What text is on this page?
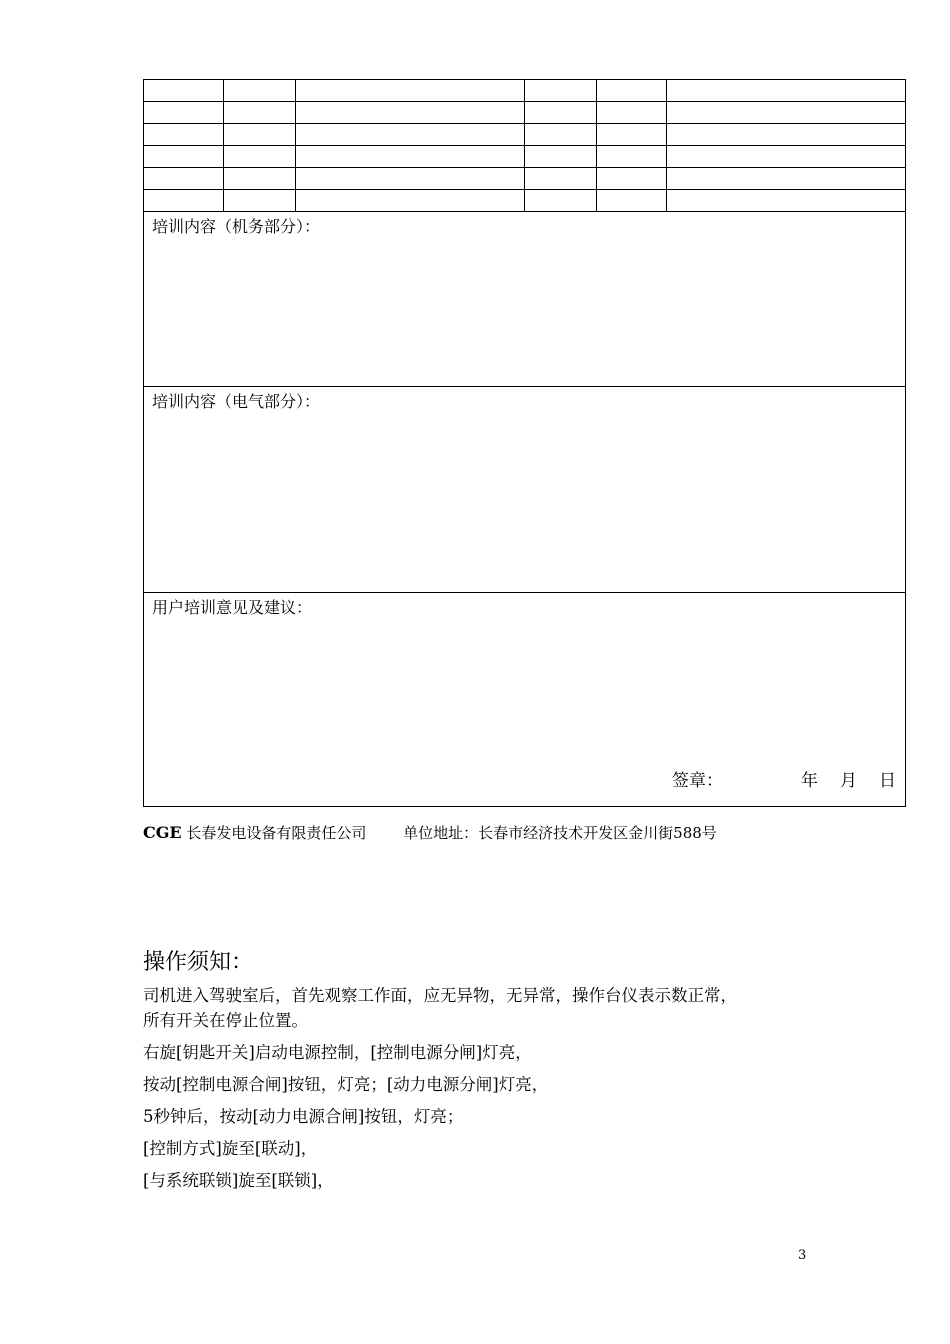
培训内容（机务部分）：					

培训内容（电气部分）：					

用户培训意见及建议：
签章： 年 月 日					
CGE 长春发电设备有限责任公司 单位地址：长春市经济技术开发区金川街588号
操作须知：
司机进入驾驶室后，首先观察工作面，应无异物，无异常，操作台仪表示数正常，
所有开关在停止位置。
右旋[钥匙开关]启动电源控制，[控制电源分闸]灯亮，
按动[控制电源合闸]按钮，灯亮；[动力电源分闸]灯亮，
5秒钟后，按动[动力电源合闸]按钮，灯亮；
[控制方式]旋至[联动]，
[与系统联锁]旋至[联锁]，
3
